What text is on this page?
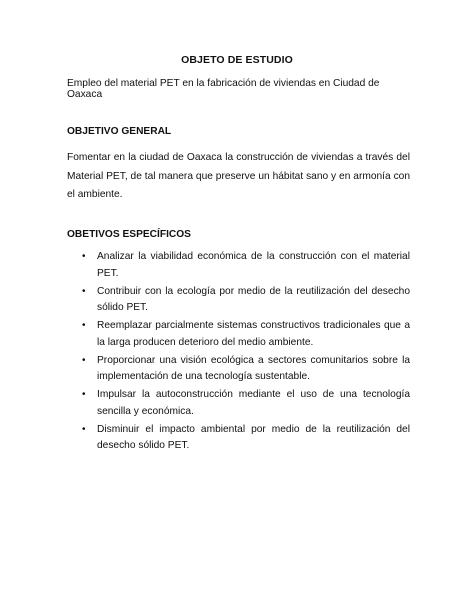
OBJETO DE ESTUDIO
Empleo del material PET en la fabricación de viviendas en Ciudad de Oaxaca
OBJETIVO GENERAL
Fomentar en la ciudad de Oaxaca la construcción de viviendas a través del Material PET, de tal manera que preserve un hábitat sano y en armonía con el ambiente.
OBETIVOS ESPECÍFICOS
• Analizar la viabilidad económica de la construcción con el material PET.
• Contribuir con la ecología por medio de la reutilización del desecho sólido PET.
• Reemplazar parcialmente sistemas constructivos tradicionales que a la larga producen deterioro del medio ambiente.
• Proporcionar una visión ecológica a sectores comunitarios sobre la implementación de una tecnología sustentable.
• Impulsar la autoconstrucción mediante el uso de una tecnología sencilla y económica.
• Disminuir el impacto ambiental por medio de la reutilización del desecho sólido PET.
